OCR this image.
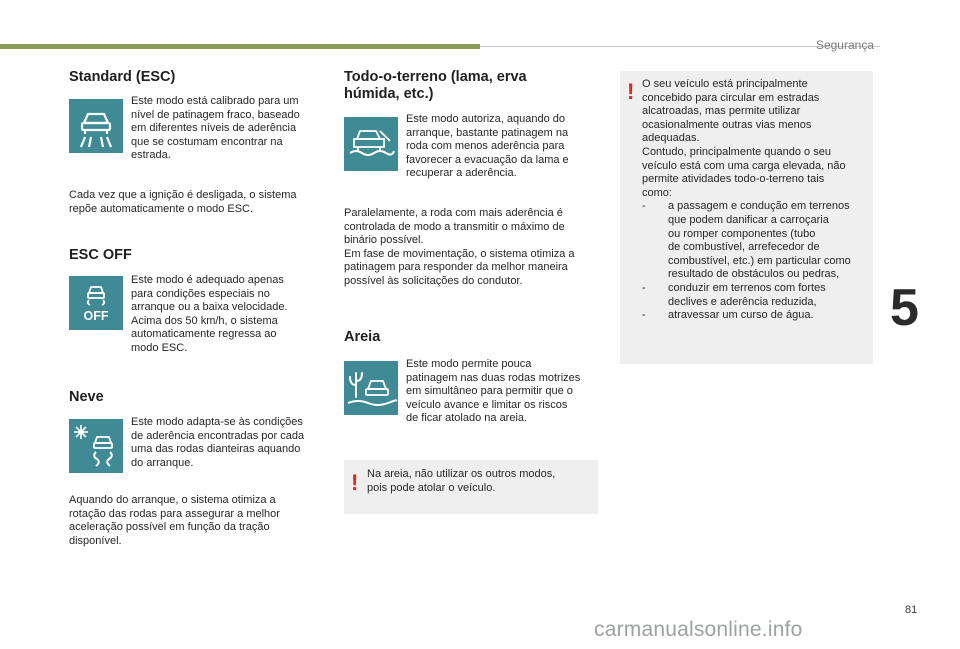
Segurança
Standard (ESC)
Este modo está calibrado para um
nível de patinagem fraco, baseado
em diferentes níveis de aderência
que se costumam encontrar na
estrada.
Cada vez que a ignição é desligada, o sistema
repõe automaticamente o modo ESC.
ESC OFF
OFF
Este modo é adequado apenas
para condições especiais no
arranque ou a baixa velocidade.
Acima dos 50 km/h, o sistema
automaticamente regressa ao
modo ESC.
Neve
Este modo adapta-se às condições
de aderência encontradas por cada
uma das rodas dianteiras aquando
do arranque.
Aquando do arranque, o sistema otimiza a
rotação das rodas para assegurar a melhor
aceleração possível em função da tração
disponível.
Todo-o-terreno (lama, erva
húmida, etc.)
Este modo autoriza, aquando do
arranque, bastante patinagem na
roda com menos aderência para
favorecer a evacuação da lama e
recuperar a aderência.
Paralelamente, a roda com mais aderência é
controlada de modo a transmitir o máximo de
binário possível.
Em fase de movimentação, o sistema otimiza a
patinagem para responder da melhor maneira
possível às solicitações do condutor.
Areia
Este modo permite pouca
patinagem nas duas rodas motrizes
em simultâneo para permitir que o
veículo avance e limitar os riscos
de ficar atolado na areia.
! Na areia, não utilizar os outros modos,
pois pode atolar o veículo.
! O seu veículo está principalmente
concebido para circular em estradas
alcatroadas, mas permite utilizar
ocasionalmente outras vias menos
adequadas.
Contudo, principalmente quando o seu
veículo está com uma carga elevada, não
permite atividades todo-o-terreno tais
como:
- a passagem e condução em terrenos
que podem danificar a carroçaria
ou romper componentes (tubo
de combustível, arrefecedor de
combustível, etc.) em particular como
resultado de obstáculos ou pedras,
- conduzir em terrenos com fortes
declives e aderência reduzida,
- atravessar um curso de água.	5
81
carmanualsonline.info
